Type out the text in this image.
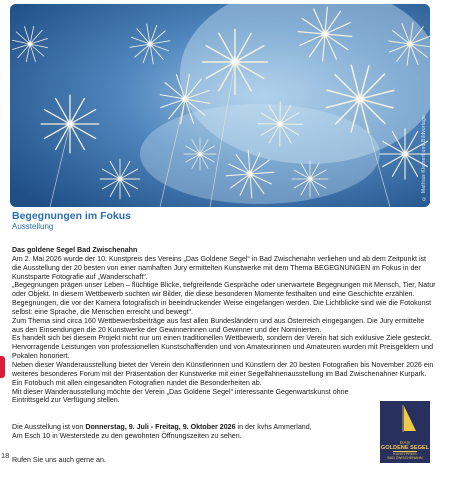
© Mathias Kleinert und Bildvorlage
Begegnungen im Fokus
Ausstellung
Das goldene Segel Bad Zwischenahn

Am 2. Mai 2026 wurde der 10. Kunstpreis des Vereins „Das Goldene Segel“ in Bad Zwischenahn verliehen und ab dem Zeitpunkt ist die Ausstellung der 20 besten von einer namhaften Jury ermittelten Kunstwerke mit dem Thema BEGEGNUNGEN im Fokus in der Kunstsparte Fotografie auf „Wanderschaft“.

„Begegnungen prägen unser Leben – flüchtige Blicke, tiefgreifende Gespräche oder unerwartete Begegnungen mit Mensch, Tier, Natur oder Objekt. In diesem Wettbewerb suchten wir Bilder, die diese besonderen Momente festhalten und eine Geschichte erzählen. Begegnungen, die vor der Kamera fotografisch in beeindruckender Weise eingefangen werden. Die Lichtblicke sind wie die Fotokunst selbst: eine Sprache, die Menschen erreicht und bewegt“.

Zum Thema sind circa 160 Wettbewerbsbeiträge aus fast allen Bundesländern und aus Österreich eingegangen. Die Jury ermittelte aus den Einsendungen die 20 Kunstwerke der Gewinnerinnen und Gewinner und der Nominierten.

Es handelt sich bei diesem Projekt nicht nur um einen traditionellen Wettbewerb, sondern der Verein hat sich exklusive Ziele gesteckt. Hervorragende Leistungen von professionellen Kunstschaffenden und von Amateurinnen und Amateuren wurden mit Preisgeldern und Pokalen honoriert.

Neben dieser Wanderausstellung bietet der Verein den Künstlerinnen und Künstlern der 20 besten Fotografien bis November 2026 ein weiteres besonderes Forum mit der Präsentation der Kunstwerke mit einer Segelfahnenausstellung im Bad Zwischenahner Kurpark. Ein Fotobuch mit allen eingesandten Fotografien rundet die Besonderheiten ab.

Mit dieser Wanderausstellung möchte der Verein „Das Goldene Segel“ interessante Gegenwartskunst ohne Eintrittsgeld zur Verfügung stellen.

Die Ausstellung ist von Donnerstag, 9. Juli - Freitag, 9. Oktober 2026 in der kvhs Ammerland,

Am Esch 10 in Westerstede zu den gewohnten Öffnungszeiten zu sehen.

18 Rufen Sie uns auch gerne an.
DAS
GOLDENE SEGEL
KUNSTPREIS
BAD ZWISCHENAHN
